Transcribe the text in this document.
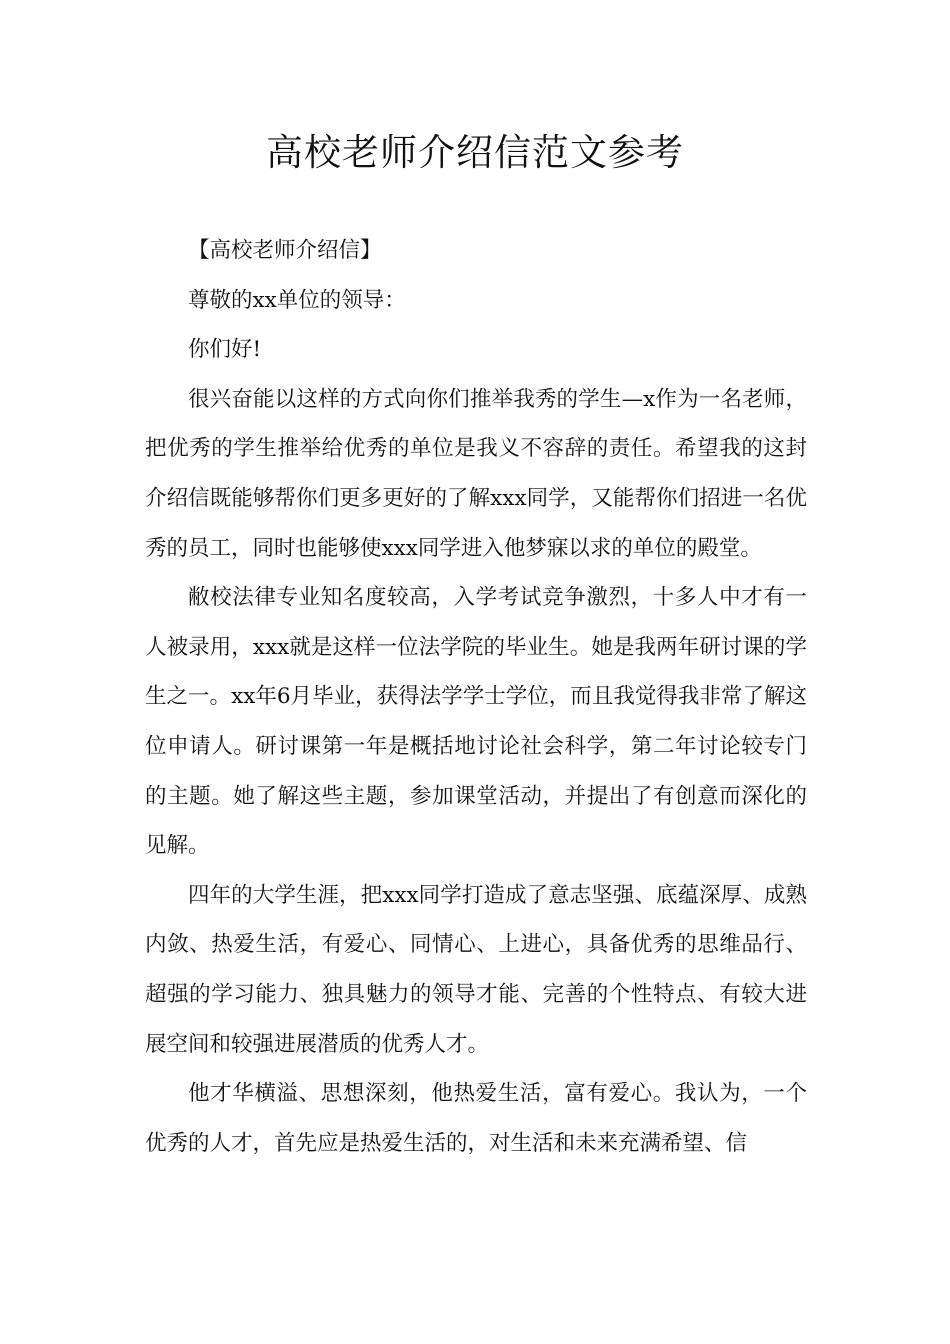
高校老师介绍信范文参考

【高校老师介绍信】

尊敬的xx单位的领导：

你们好!

很兴奋能以这样的方式向你们推举我秀的学生—x作为一名老师，把优秀的学生推举给优秀的单位是我义不容辞的责任。希望我的这封介绍信既能够帮你们更多更好的了解xxx同学，又能帮你们招进一名优秀的员工，同时也能够使xxx同学进入他梦寐以求的单位的殿堂。

敝校法律专业知名度较高，入学考试竞争激烈，十多人中才有一人被录用，xxx就是这样一位法学院的毕业生。她是我两年研讨课的学生之一。xx年6月毕业，获得法学学士学位，而且我觉得我非常了解这位申请人。研讨课第一年是概括地讨论社会科学，第二年讨论较专门的主题。她了解这些主题，参加课堂活动，并提出了有创意而深化的见解。

四年的大学生涯，把xxx同学打造成了意志坚强、底蕴深厚、成熟内敛、热爱生活，有爱心、同情心、上进心，具备优秀的思维品行、超强的学习能力、独具魅力的领导才能、完善的个性特点、有较大进展空间和较强进展潜质的优秀人才。

他才华横溢、思想深刻，他热爱生活，富有爱心。我认为，一个优秀的人才，首先应是热爱生活的，对生活和未来充满希望、信
